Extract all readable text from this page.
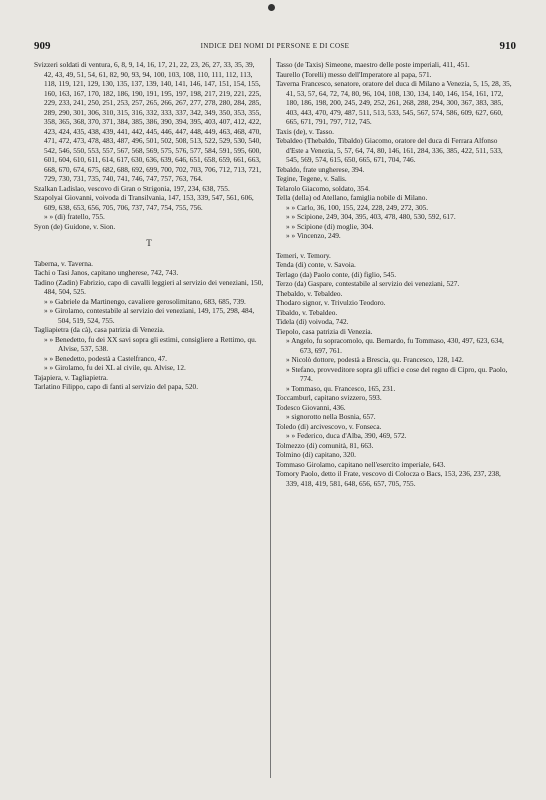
909	INDICE DEI NOMI DI PERSONE E DI COSE	910

Svizzeri soldati di ventura, 6, 8, 9, 14, 16, 17, 21, 22, 23, 26, 27, 33, 35, 39, 42, 43, 49, 51, 54, 61, 82, 90, 93, 94, 100, 103, 108, 110, 111, 112, 113, 118, 119, 121, 129, 130, 135, 137, 139, 140, 141, 146, 147, 151, 154, 155, 160, 163, 167, 170, 182, 186, 190, 191, 195, 197, 198, 217, 219, 221, 225, 229, 233, 241, 250, 251, 253, 257, 265, 266, 267, 277, 278, 280, 284, 285, 289, 290, 301, 306, 310, 315, 316, 332, 333, 337, 342, 349, 350, 353, 355, 358, 365, 368, 370, 371, 384, 385, 386, 390, 394, 395, 403, 407, 412, 422, 423, 424, 435, 438, 439, 441, 442, 445, 446, 447, 448, 449, 463, 468, 470, 471, 472, 473, 478, 483, 487, 496, 501, 502, 508, 513, 522, 529, 530, 540, 542, 546, 550, 553, 557, 567, 568, 569, 575, 576, 577, 584, 591, 595, 600, 601, 604, 610, 611, 614, 617, 630, 636, 639, 646, 651, 658, 659, 661, 663, 668, 670, 674, 675, 682, 688, 692, 699, 700, 702, 703, 706, 712, 713, 721, 729, 730, 731, 735, 740, 741, 746, 747, 757, 763, 764.

Szalkan Ladislao, vescovo di Gran o Strigonia, 197, 234, 638, 755.

Szapolyai Giovanni, voivoda di Transilvania, 147, 153, 339, 547, 561, 606, 609, 638, 653, 656, 705, 706, 737, 747, 754, 755, 756.

» » (di) fratello, 755.

Syon (de) Guidone, v. Sion.

T

Taberna, v. Taverna.

Tachi o Tasi Janos, capitano ungherese, 742, 743.

Tadino (Zadin) Fabrizio, capo di cavalli leggieri al servizio dei veneziani, 150, 484, 504, 525.

» » Gabriele da Martinengo, cavaliere gerosolimitano, 683, 685, 739.

» » Girolamo, contestabile al servizio dei veneziani, 149, 175, 298, 484, 504, 519, 524, 755.

Tagliapietra (da cà), casa patrizia di Venezia.

» » Benedetto, fu dei XX savi sopra gli estimi, consigliere a Rettimo, qu. Alvise, 537, 538.

» » Benedetto, podestà a Castelfranco, 47.

» » Girolamo, fu dei XL al civile, qu. Alvise, 12.

Tajapiera, v. Tagliapietra.

Tarlatino Filippo, capo di fanti al servizio del papa, 520.

Tasso (de Taxis) Simeone, maestro delle poste imperiali, 411, 451.

Taurello (Torelli) messo dell'Imperatore al papa, 571.

Taverna Francesco, senatore, oratore del duca di Milano a Venezia, 5, 15, 28, 35, 41, 53, 57, 64, 72, 74, 80, 96, 104, 108, 130, 134, 140, 146, 154, 161, 172, 180, 186, 198, 200, 245, 249, 252, 261, 268, 288, 294, 300, 367, 383, 385, 403, 443, 470, 479, 487, 511, 513, 533, 545, 567, 574, 586, 609, 627, 660, 665, 671, 791, 797, 712, 745.

Taxis (de), v. Tasso.

Tebaldeo (Thebaldo, Tibaldo) Giacomo, oratore del duca di Ferrara Alfonso d'Este a Venezia, 5, 57, 64, 74, 80, 146, 161, 284, 336, 385, 422, 511, 533, 545, 569, 574, 615, 650, 665, 671, 704, 746.

Tebaldo, frate ungherese, 394.

Tegine, Tegene, v. Salis.

Telarolo Giacomo, soldato, 354.

Tella (della) od Atellano, famiglia nobile di Milano.

» » Carlo, 36, 100, 155, 224, 228, 249, 272, 305.

» » Scipione, 249, 304, 395, 403, 478, 480, 530, 592, 617.

» » Scipione (di) moglie, 304.

» » Vincenzo, 249.

Temeri, v. Temory.

Tenda (di) conte, v. Savoia.

Terlago (da) Paolo conte, (di) figlio, 545.

Terzo (da) Gaspare, contestabile al servizio dei veneziani, 527.

Thebaldo, v. Tebaldeo.

Thodaro signor, v. Trivulzio Teodoro.

Tibaldo, v. Tebaldeo.

Tidela (di) voivoda, 742.

Tiepolo, casa patrizia di Venezia.

» Angelo, fu sopracomolo, qu. Bernardo, fu Tommaso, 430, 497, 623, 634, 673, 697, 761.

» Nicolò dottore, podestà a Brescia, qu. Francesco, 128, 142.

» Stefano, provveditore sopra gli uffici e cose del regno di Cipro, qu. Paolo, 774.

» Tommaso, qu. Francesco, 165, 231.

Toccamburl, capitano svizzero, 593.

Todesco Giovanni, 436.

» signorotto nella Bosnia, 657.

Toledo (di) arcivescovo, v. Fonseca.

» » Federico, duca d'Alba, 390, 469, 572.

Tolmezzo (di) comunità, 81, 663.

Tolmino (di) capitano, 320.

Tommaso Girolamo, capitano nell'esercito imperiale, 643.

Tomory Paolo, detto il Frate, vescovo di Colocza o Bacs, 153, 236, 237, 238, 339, 418, 419, 581, 648, 656, 657, 705, 755.
